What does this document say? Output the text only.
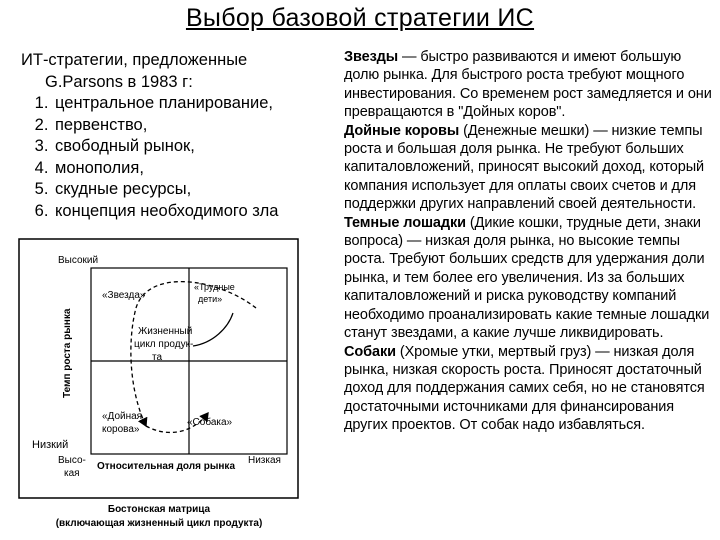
Выбор базовой стратегии ИС
ИТ-стратегии, предложенные
G.Parsons в 1983 г:
1. центральное планирование,
2. первенство,
3. свободный рынок,
4. монополия,
5. скудные ресурсы,
6. концепция необходимого зла

Звезды — быстро развиваются и имеют большую долю рынка. Для быстрого роста требуют мощного инвестирования. Со временем рост замедляется и они превращаются в "Дойных коров".

Дойные коровы (Денежные мешки) — низкие темпы роста и большая доля рынка. Не требуют больших капиталовложений, приносят высокий доход, который компания использует для оплаты своих счетов и для поддержки других направлений своей деятельности.

Темные лошадки (Дикие кошки, трудные дети, знаки вопроса) — низкая доля рынка, но высокие темпы роста. Требуют больших средств для удержания доли рынка, и тем более его увеличения. Из за больших капиталовложений и риска руководству компаний необходимо проанализировать какие темные лошадки станут звездами, а какие лучше ликвидировать.

Собаки (Хромые утки, мертвый груз) — низкая доля рынка, низкая скорость роста. Приносят достаточный доход для поддержания самих себя, но не становятся достаточными источниками для финансирования других проектов. От собак надо избавляться.

Высокий
Низкий
Темп роста рынка
Высо-
кая
Низкая
Относительная доля рынка
«Звезда»
«Трудные
дети»
«Дойная
корова»
«Собака»
Жизненный
цикл продук-
та
Бостонская матрица
(включающая жизненный цикл продукта)
